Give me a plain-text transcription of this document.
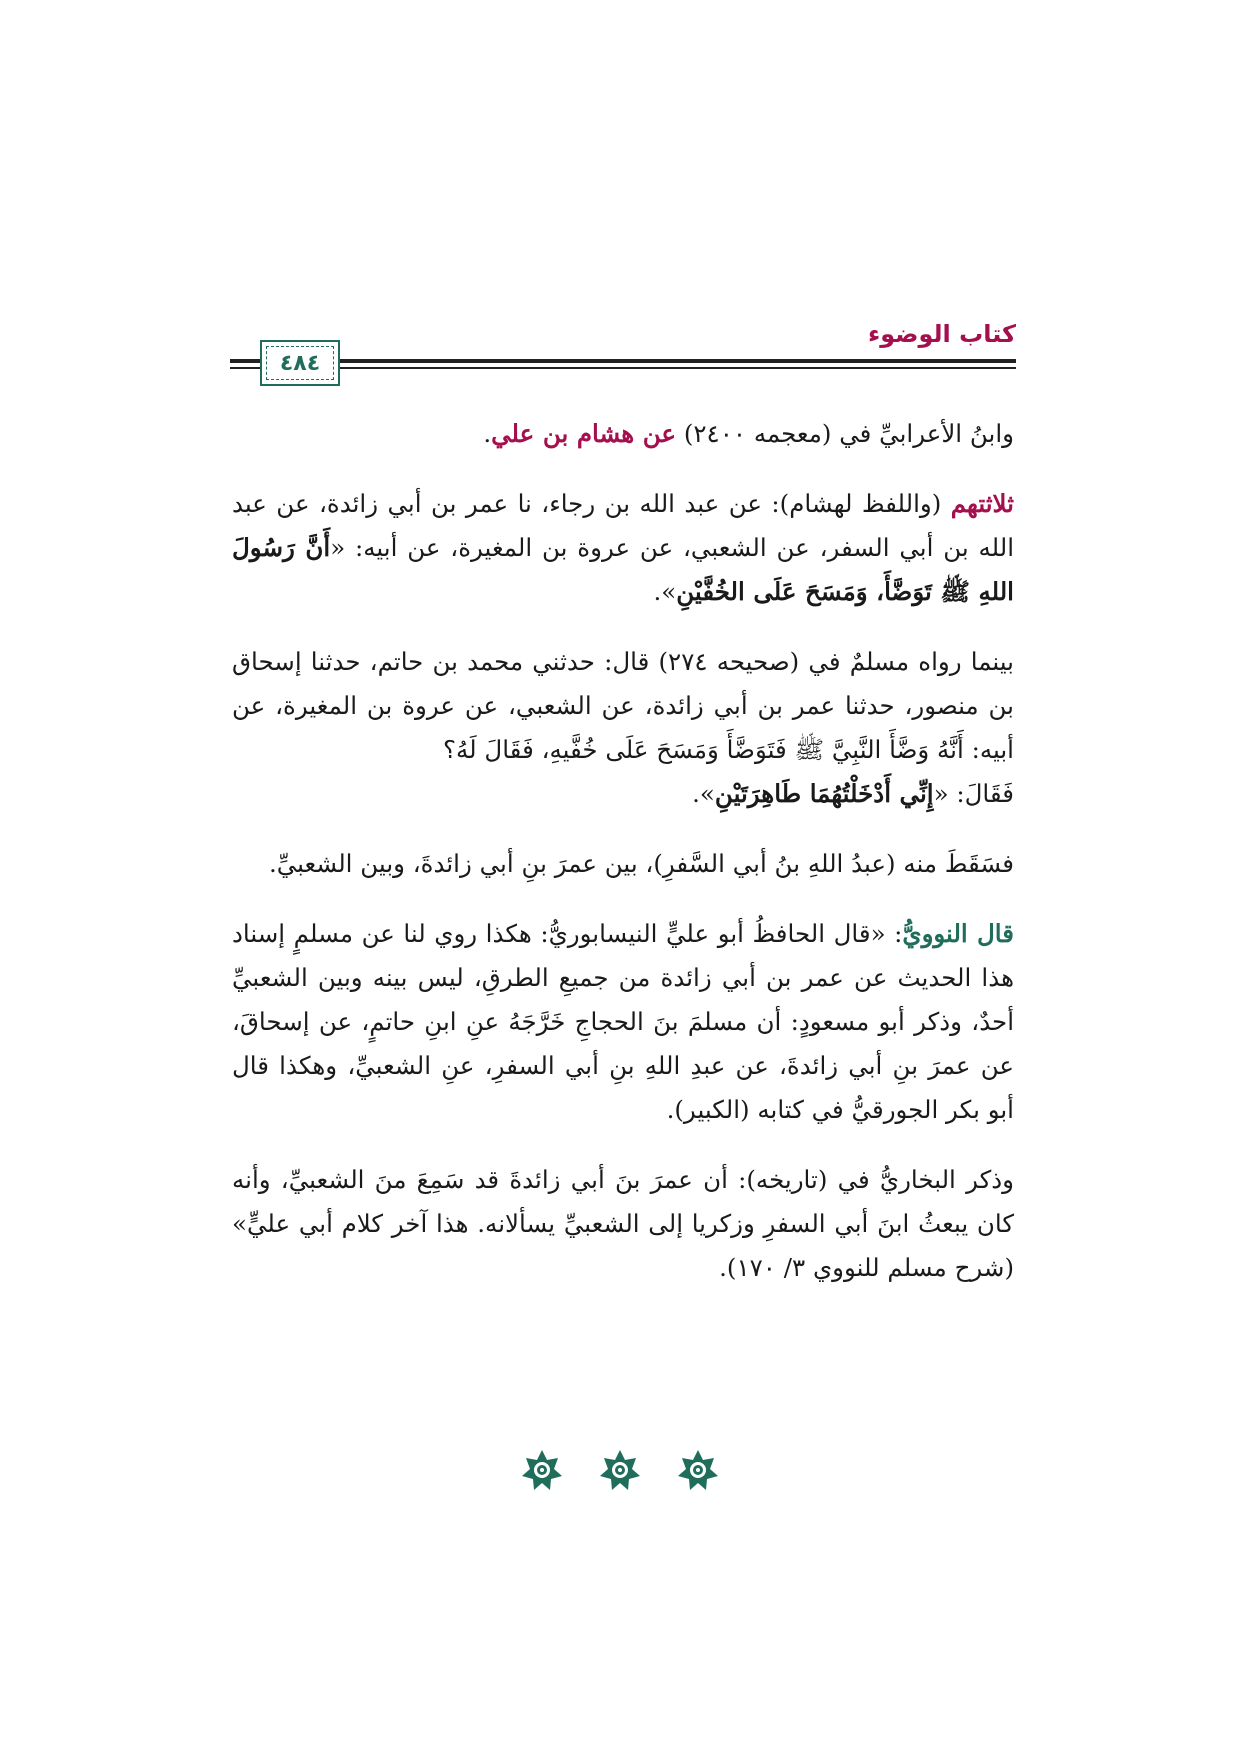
كتاب الوضوء
٤٨٤

وابنُ الأعرابيِّ في (معجمه ٢٤٠٠) عن هشام بن علي.

ثلاثتهم (واللفظ لهشام): عن عبد الله بن رجاء، نا عمر بن أبي زائدة، عن عبد الله بن أبي السفر، عن الشعبي، عن عروة بن المغيرة، عن أبيه: «أَنَّ رَسُولَ اللهِ ﷺ تَوَضَّأَ، وَمَسَحَ عَلَى الخُفَّيْنِ».

بينما رواه مسلمٌ في (صحيحه ٢٧٤) قال: حدثني محمد بن حاتم، حدثنا إسحاق بن منصور، حدثنا عمر بن أبي زائدة، عن الشعبي، عن عروة بن المغيرة، عن أبيه: أَنَّهُ وَضَّأَ النَّبِيَّ ﷺ فَتَوَضَّأَ وَمَسَحَ عَلَى خُفَّيهِ، فَقَالَ لَهُ؟

فَقَالَ: «إِنِّي أَدْخَلْتُهُمَا طَاهِرَتَيْنِ».

فسَقَطَ منه (عبدُ اللهِ بنُ أبي السَّفرِ)، بين عمرَ بنِ أبي زائدةَ، وبين الشعبيِّ.

قال النوويُّ: «قال الحافظُ أبو عليٍّ النيسابوريُّ: هكذا روي لنا عن مسلمٍ إسناد هذا الحديث عن عمر بن أبي زائدة من جميعِ الطرقِ، ليس بينه وبين الشعبيِّ أحدٌ، وذكر أبو مسعودٍ: أن مسلمَ بنَ الحجاجِ خَرَّجَهُ عنِ ابنِ حاتمٍ، عن إسحاقَ، عن عمرَ بنِ أبي زائدةَ، عن عبدِ اللهِ بنِ أبي السفرِ، عنِ الشعبيِّ، وهكذا قال أبو بكر الجورقيُّ في كتابه (الكبير).

وذكر البخاريُّ في (تاريخه): أن عمرَ بنَ أبي زائدةَ قد سَمِعَ منَ الشعبيِّ، وأنه كان يبعثُ ابنَ أبي السفرِ وزكريا إلى الشعبيِّ يسألانه. هذا آخر كلام أبي عليٍّ» (شرح مسلم للنووي ٣/ ١٧٠).
